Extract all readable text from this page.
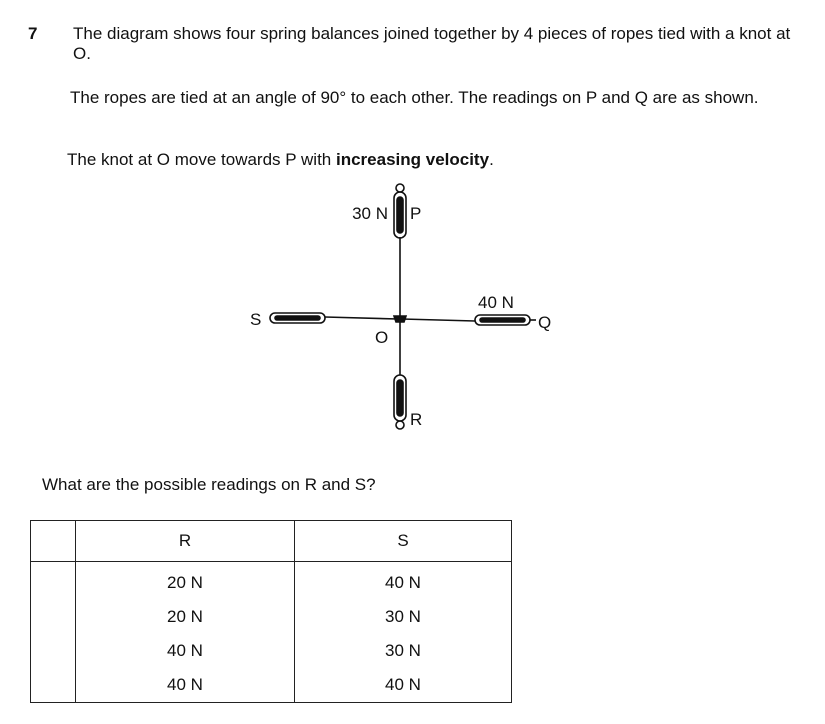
7 The diagram shows four spring balances joined together by 4 pieces of ropes tied with a knot at O.
The ropes are tied at an angle of 90° to each other. The readings on P and Q are as shown.
The knot at O move towards P with increasing velocity.
30 N P
40 N
Q
S
O
R
What are the possible readings on R and S?
	R	S
	20 N	40 N
	20 N	30 N
	40 N	30 N
	40 N	40 N
